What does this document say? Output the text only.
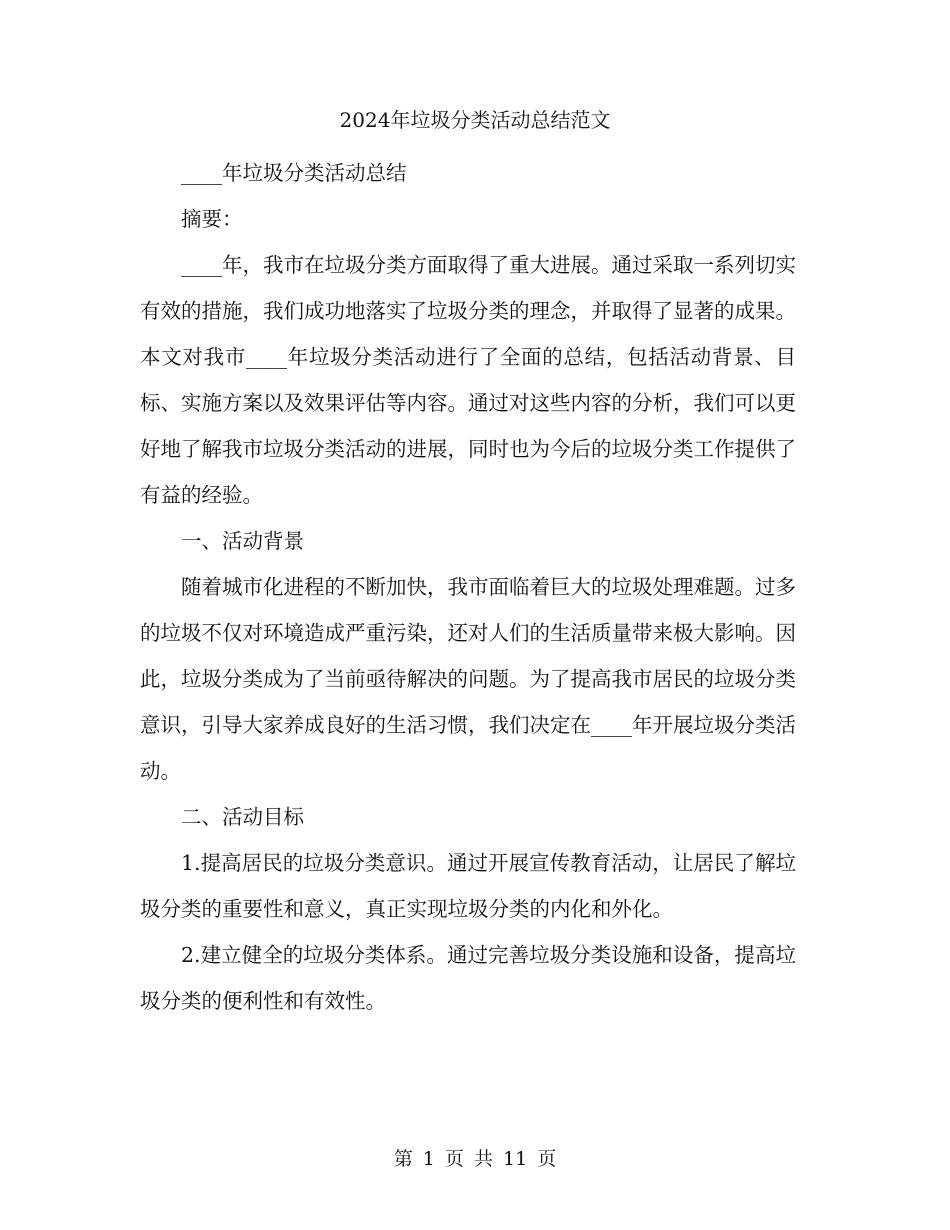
2024年垃圾分类活动总结范文

____年垃圾分类活动总结

摘要：

____年，我市在垃圾分类方面取得了重大进展。通过采取一系列切实有效的措施，我们成功地落实了垃圾分类的理念，并取得了显著的成果。本文对我市____年垃圾分类活动进行了全面的总结，包括活动背景、目标、实施方案以及效果评估等内容。通过对这些内容的分析，我们可以更好地了解我市垃圾分类活动的进展，同时也为今后的垃圾分类工作提供了有益的经验。

一、活动背景

随着城市化进程的不断加快，我市面临着巨大的垃圾处理难题。过多的垃圾不仅对环境造成严重污染，还对人们的生活质量带来极大影响。因此，垃圾分类成为了当前亟待解决的问题。为了提高我市居民的垃圾分类意识，引导大家养成良好的生活习惯，我们决定在____年开展垃圾分类活动。

二、活动目标

1.提高居民的垃圾分类意识。通过开展宣传教育活动，让居民了解垃圾分类的重要性和意义，真正实现垃圾分类的内化和外化。

2.建立健全的垃圾分类体系。通过完善垃圾分类设施和设备，提高垃圾分类的便利性和有效性。

第 1 页 共 11 页
